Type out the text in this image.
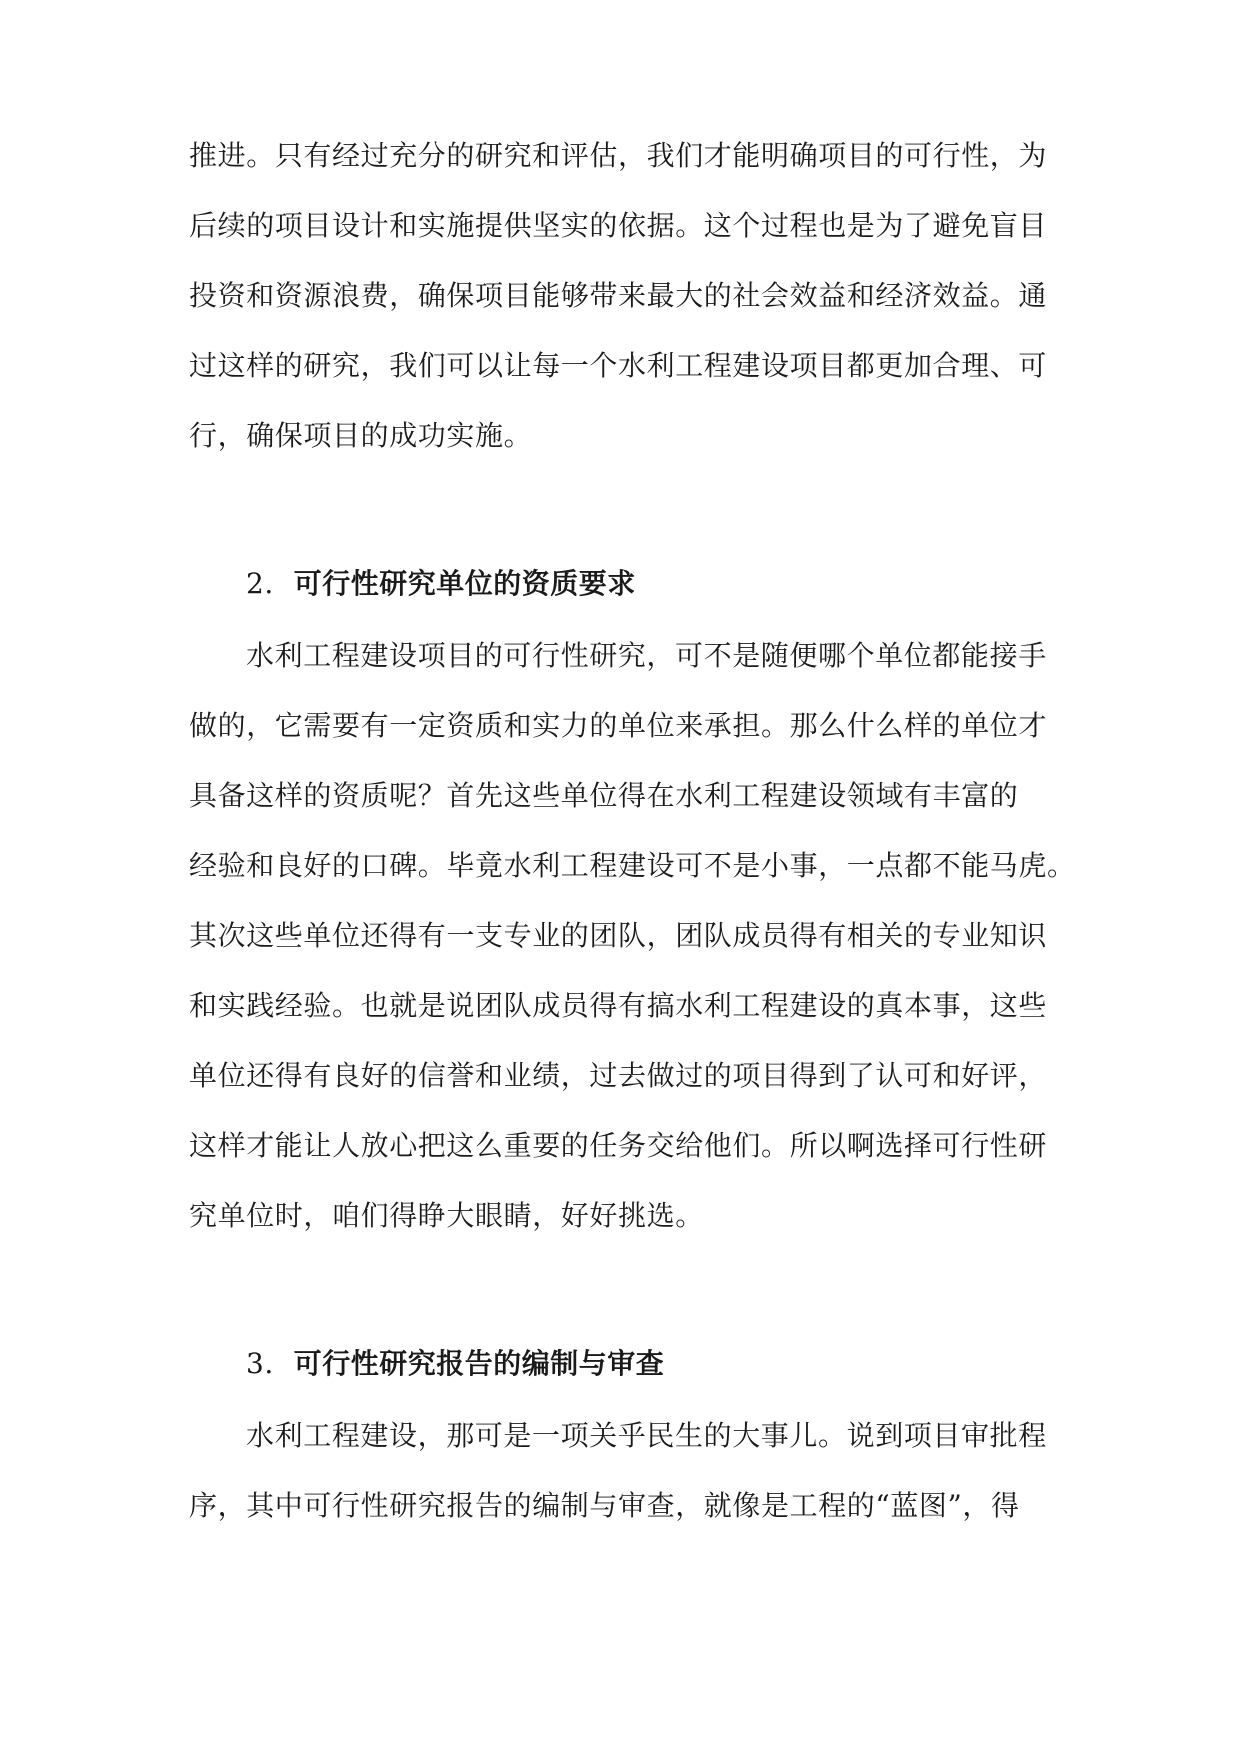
推进。只有经过充分的研究和评估，我们才能明确项目的可行性，为
后续的项目设计和实施提供坚实的依据。这个过程也是为了避免盲目
投资和资源浪费，确保项目能够带来最大的社会效益和经济效益。通
过这样的研究，我们可以让每一个水利工程建设项目都更加合理、可
行，确保项目的成功实施。
2. 可行性研究单位的资质要求
水利工程建设项目的可行性研究，可不是随便哪个单位都能接手
做的，它需要有一定资质和实力的单位来承担。那么什么样的单位才
具备这样的资质呢？首先这些单位得在水利工程建设领域有丰富的
经验和良好的口碑。毕竟水利工程建设可不是小事，一点都不能马虎。
其次这些单位还得有一支专业的团队，团队成员得有相关的专业知识
和实践经验。也就是说团队成员得有搞水利工程建设的真本事，这些
单位还得有良好的信誉和业绩，过去做过的项目得到了认可和好评，
这样才能让人放心把这么重要的任务交给他们。所以啊选择可行性研
究单位时，咱们得睁大眼睛，好好挑选。
3. 可行性研究报告的编制与审查
水利工程建设，那可是一项关乎民生的大事儿。说到项目审批程
序，其中可行性研究报告的编制与审查，就像是工程的“蓝图”，得
